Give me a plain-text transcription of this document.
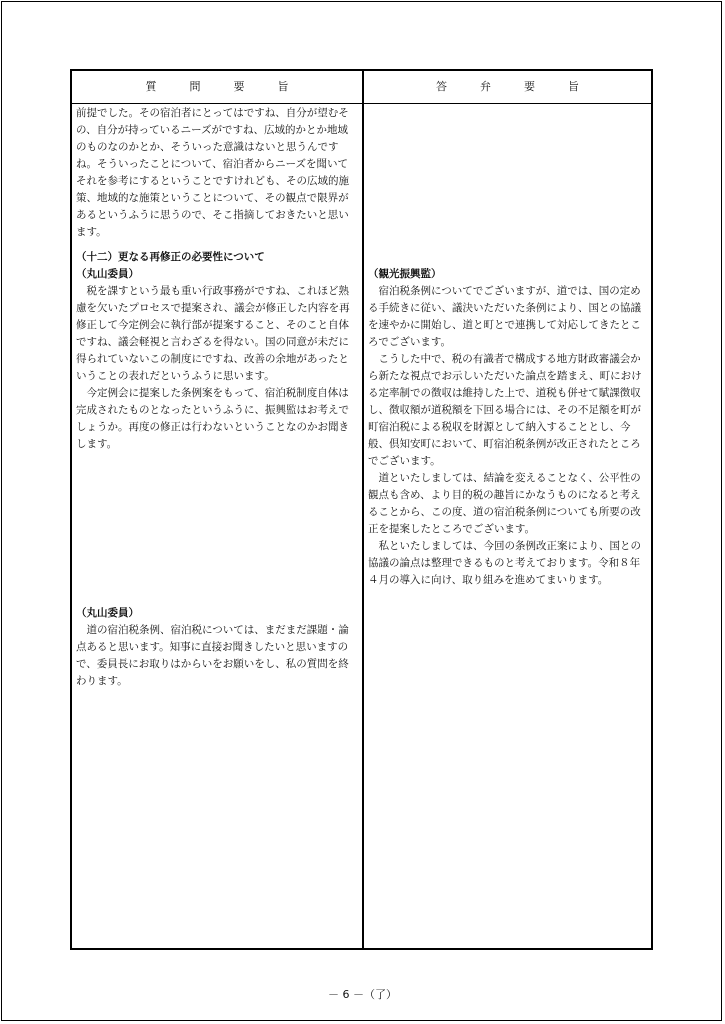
質　　　問　　　要　　　旨	答　　　弁　　　要　　　旨
前提でした。その宿泊者にとってはですね、自分が望むそ
の、自分が持っているニーズがですね、広域的かとか地域
のものなのかとか、そういった意識はないと思うんです
ね。そういったことについて、宿泊者からニーズを聞いて
それを参考にするということですけれども、その広域的施
策、地域的な施策ということについて、その観点で限界が
あるというふうに思うので、そこ指摘しておきたいと思い
ます。
（十二）更なる再修正の必要性について
（丸山委員）
　税を課すという最も重い行政事務がですね、これほど熟
慮を欠いたプロセスで提案され、議会が修正した内容を再
修正して今定例会に執行部が提案すること、そのこと自体
ですね、議会軽視と言わざるを得ない。国の同意が未だに
得られていないこの制度にですね、改善の余地があったと
いうことの表れだというふうに思います。
　今定例会に提案した条例案をもって、宿泊税制度自体は
完成されたものとなったというふうに、振興監はお考えで
しょうか。再度の修正は行わないということなのかお聞き
します。
（丸山委員）
　道の宿泊税条例、宿泊税については、まだまだ課題・論
点あると思います。知事に直接お聞きしたいと思いますの
で、委員長にお取りはからいをお願いをし、私の質問を終
わります。
（観光振興監）
　宿泊税条例についてでございますが、道では、国の定め
る手続きに従い、議決いただいた条例により、国との協議
を速やかに開始し、道と町とで連携して対応してきたとこ
ろでございます。
　こうした中で、税の有識者で構成する地方財政審議会か
ら新たな視点でお示しいただいた論点を踏まえ、町におけ
る定率制での徴収は維持した上で、道税も併せて賦課徴収
し、徴収額が道税額を下回る場合には、その不足額を町が
町宿泊税による税収を財源として納入することとし、今
般、倶知安町において、町宿泊税条例が改正されたところ
でございます。
　道といたしましては、結論を変えることなく、公平性の
観点も含め、より目的税の趣旨にかなうものになると考え
ることから、この度、道の宿泊税条例についても所要の改
正を提案したところでございます。
　私といたしましては、今回の条例改正案により、国との
協議の論点は整理できるものと考えております。令和８年
４月の導入に向け、取り組みを進めてまいります。
－ 6 －（了）
